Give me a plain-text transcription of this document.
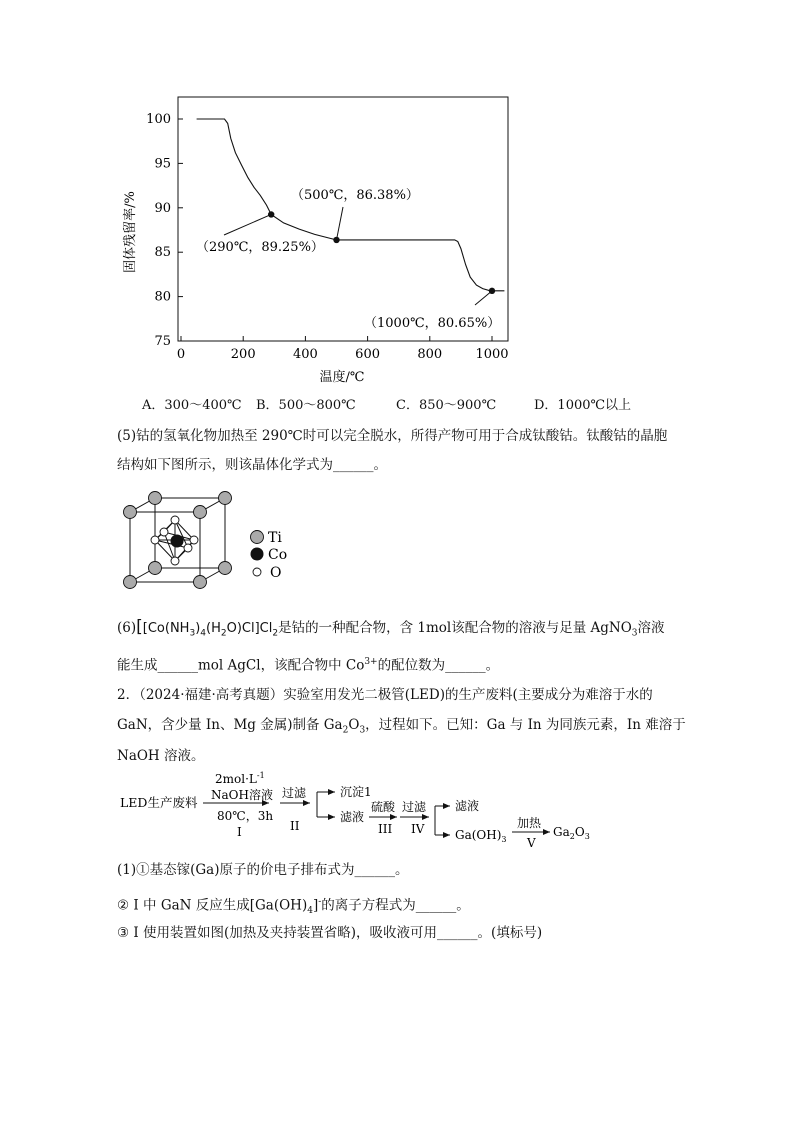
75
80
85
90
95
100
0	200	400	600	800	1000
（290℃，89.25%）
（500℃，86.38%）
（1000℃，80.65%）
固体残留率/%
温度/℃
A．300～400℃ B．500～800℃	C．850～900℃	D．1000℃以上
(5)钴的氢氧化物加热至 290℃时可以完全脱水，所得产物可用于合成钛酸钴。钛酸钴的晶胞
结构如下图所示，则该晶体化学式为______。
Ti
Co
O
$(6)[[Co(NH_3)_4(H_2O)Cl]Cl_2$是钴的一种配合物，含 1mol该配合物的溶液与足量 AgNO$_3$溶液
能生成______mol AgCl，该配合物中 $Co^{3+}$的配位数为______。
2．（2024·福建·高考真题）实验室用发光二极管(LED)的生产废料(主要成分为难溶于水的
GaN，含少量 In、Mg 金属)制备 $Ga_2O_3$，过程如下。已知：Ga 与 In 为同族元素，In 难溶于
NaOH 溶液。
LED生产废料
$2mol\cdot L^{-1}$
NaOH溶液
80℃，3h
I
过滤
II
沉淀1
滤液
硫酸
III
过滤
IV
滤液
$Ga(OH)_3$
加热
V
$Ga_2O_3$
(1)①基态镓(Ga)原子的价电子排布式为______。
② I 中 GaN 反应生成$[Ga(OH)_4]^-$的离子方程式为______。
③ I 使用装置如图(加热及夹持装置省略)，吸收液可用______。(填标号)
